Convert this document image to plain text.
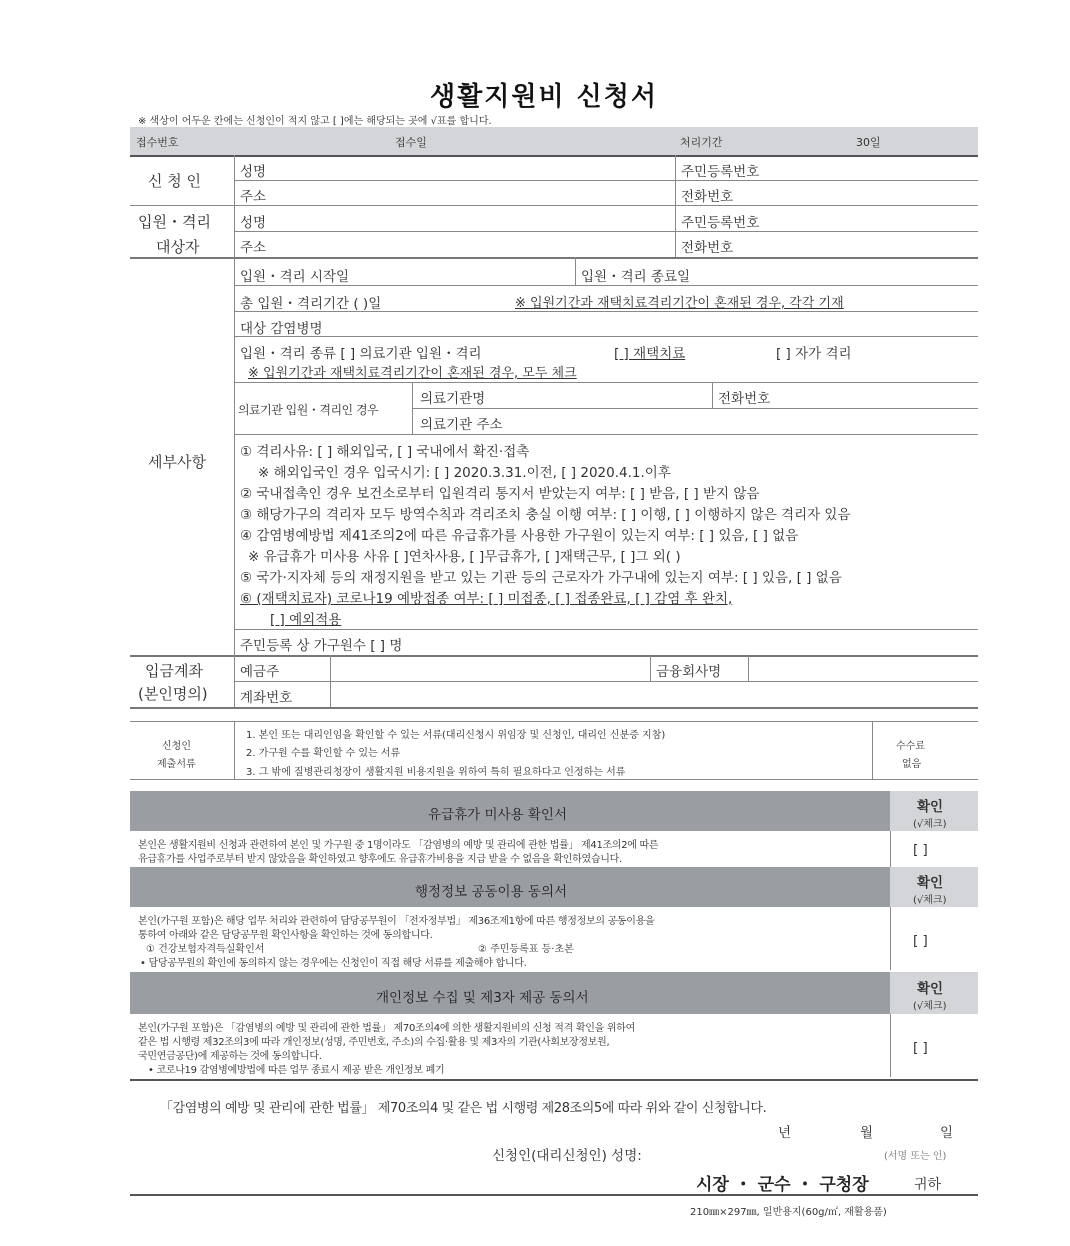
생활지원비 신청서
※ 색상이 어두운 칸에는 신청인이 적지 않고 [ ]에는 해당되는 곳에 √표를 합니다.
접수번호	접수일	처리기간	30일
신 청 인	성명	주민등록번호
주소	전화번호
입원・격리
대상자
성명	주민등록번호
주소	전화번호
세부사항
입원・격리 시작일	입원・격리 종료일
총 입원・격리기간 ( )일	※ 입원기간과 재택치료격리기간이 혼재된 경우, 각각 기재
대상 감염병명
입원・격리 종류 [ ] 의료기관 입원・격리	[ ] 재택치료	[ ] 자가 격리
※ 입원기간과 재택치료격리기간이 혼재된 경우, 모두 체크
의료기관 입원・격리인 경우
의료기관명	전화번호
의료기관 주소
① 격리사유: [ ] 해외입국, [ ] 국내에서 확진·접촉
※ 해외입국인 경우 입국시기: [ ] 2020.3.31.이전, [ ] 2020.4.1.이후
② 국내접촉인 경우 보건소로부터 입원격리 통지서 받았는지 여부: [ ] 받음, [ ] 받지 않음
③ 해당가구의 격리자 모두 방역수칙과 격리조치 충실 이행 여부: [ ] 이행, [ ] 이행하지 않은 격리자 있음
④ 감염병예방법 제41조의2에 따른 유급휴가를 사용한 가구원이 있는지 여부: [ ] 있음, [ ] 없음
※ 유급휴가 미사용 사유 [ ]연차사용, [ ]무급휴가, [ ]재택근무, [ ]그 외( )
⑤ 국가·지자체 등의 재정지원을 받고 있는 기관 등의 근로자가 가구내에 있는지 여부: [ ] 있음, [ ] 없음
⑥ (재택치료자) 코로나19 예방접종 여부: [ ] 미접종, [ ] 접종완료, [ ] 감염 후 완치,
[ ] 예외적용
주민등록 상 가구원수 [ ] 명
입금계좌
(본인명의)
예금주	금융회사명
계좌번호
신청인
제출서류
1. 본인 또는 대리인임을 확인할 수 있는 서류(대리신청시 위임장 및 신청인, 대리인 신분증 지참)
2. 가구원 수를 확인할 수 있는 서류
3. 그 밖에 질병관리청장이 생활지원 비용지원을 위하여 특히 필요하다고 인정하는 서류
수수료
없음
유급휴가 미사용 확인서	확인
(√체크)
본인은 생활지원비 신청과 관련하여 본인 및 가구원 중 1명이라도 「감염병의 예방 및 관리에 관한 법률」 제41조의2에 따른
유급휴가를 사업주로부터 받지 않았음을 확인하였고 향후에도 유급휴가비용을 지급 받을 수 없음을 확인하였습니다.
[ ]
행정정보 공동이용 동의서
확인
(√체크)
본인(가구원 포함)은 해당 업무 처리와 관련하여 담당공무원이 「전자정부법」 제36조제1항에 따른 행정정보의 공동이용을
통하여 아래와 같은 담당공무원 확인사항을 확인하는 것에 동의합니다.
① 건강보험자격득실확인서	② 주민등록표 등·초본
• 담당공무원의 확인에 동의하지 않는 경우에는 신청인이 직접 해당 서류를 제출해야 합니다.
[ ]
개인정보 수집 및 제3자 제공 동의서
확인
(√체크)
본인(가구원 포함)은 「감염병의 예방 및 관리에 관한 법률」 제70조의4에 의한 생활지원비의 신청 적격 확인을 위하여
같은 법 시행령 제32조의3에 따라 개인정보(성명, 주민번호, 주소)의 수집·활용 및 제3자의 기관(사회보장정보원,
국민연금공단)에 제공하는 것에 동의합니다.
• 코로나19 감염병예방법에 따른 업무 종료시 제공 받은 개인정보 폐기
[ ]
「감염병의 예방 및 관리에 관한 법률」 제70조의4 및 같은 법 시행령 제28조의5에 따라 위와 같이 신청합니다.
년	월	일
신청인(대리신청인) 성명:	(서명 또는 인)
시장 ・ 군수 ・ 구청장	귀하
210㎜×297㎜, 일반용지(60g/㎡, 재활용품)
